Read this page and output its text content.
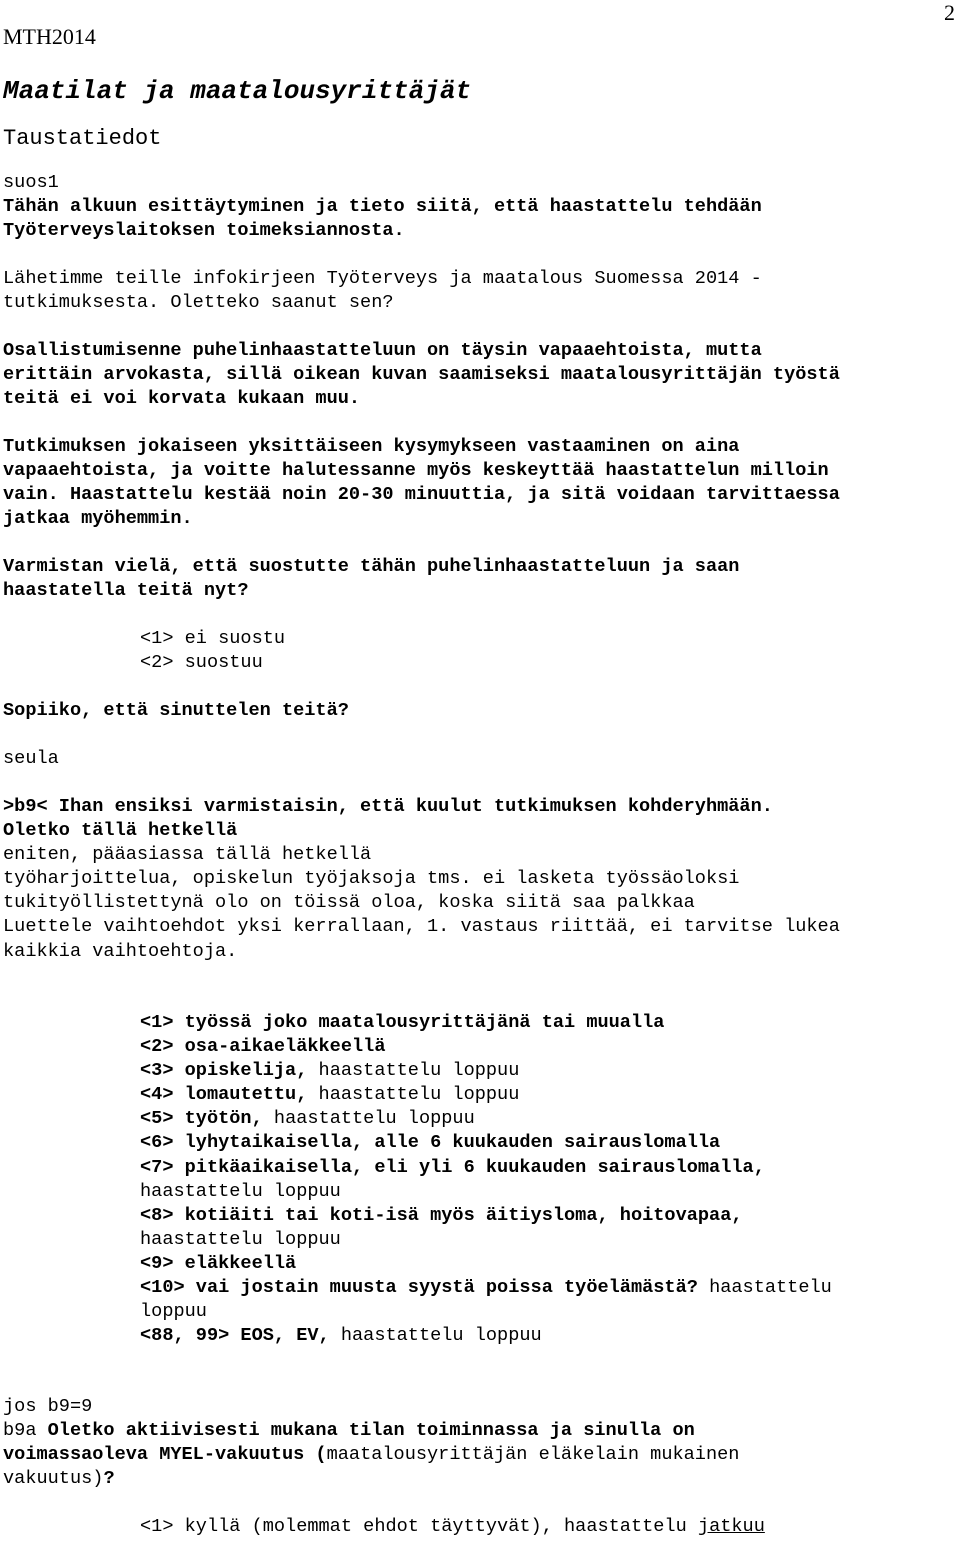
MTH2014
2
Maatilat ja maatalousyrittäjät
Taustatiedot
suos1
Tähän alkuun esittäytyminen ja tieto siitä, että haastattelu tehdään
Työterveyslaitoksen toimeksiannosta.
Lähetimme teille infokirjeen Työterveys ja maatalous Suomessa 2014 -
tutkimuksesta. Oletteko saanut sen?
Osallistumisenne puhelinhaastatteluun on täysin vapaaehtoista, mutta
erittäin arvokasta, sillä oikean kuvan saamiseksi maatalousyrittäjän työstä
teitä ei voi korvata kukaan muu.
Tutkimuksen jokaiseen yksittäiseen kysymykseen vastaaminen on aina
vapaaehtoista, ja voitte halutessanne myös keskeyttää haastattelun milloin
vain. Haastattelu kestää noin 20-30 minuuttia, ja sitä voidaan tarvittaessa
jatkaa myöhemmin.
Varmistan vielä, että suostutte tähän puhelinhaastatteluun ja saan
haastatella teitä nyt?
<1> ei suostu
<2> suostuu
Sopiiko, että sinuttelen teitä?
seula
>b9< Ihan ensiksi varmistaisin, että kuulut tutkimuksen kohderyhmään.
Oletko tällä hetkellä
eniten, pääasiassa tällä hetkellä
työharjoittelua, opiskelun työjaksoja tms. ei lasketa työssäoloksi
tukityöllistettynä olo on töissä oloa, koska siitä saa palkkaa
Luettele vaihtoehdot yksi kerrallaan, 1. vastaus riittää, ei tarvitse lukea
kaikkia vaihtoehtoja.
<1> työssä joko maatalousyrittäjänä tai muualla
<2> osa-aikaeläkkeellä
<3> opiskelija, haastattelu loppuu
<4> lomautettu, haastattelu loppuu
<5> työtön, haastattelu loppuu
<6> lyhytaikaisella, alle 6 kuukauden sairauslomalla
<7> pitkäaikaisella, eli yli 6 kuukauden sairauslomalla,
haastattelu loppuu
<8> kotiäiti tai koti-isä myös äitiysloma, hoitovapaa,
haastattelu loppuu
<9> eläkkeellä
<10> vai jostain muusta syystä poissa työelämästä? haastattelu
loppuu
<88, 99> EOS, EV, haastattelu loppuu
jos b9=9
b9a Oletko aktiivisesti mukana tilan toiminnassa ja sinulla on
voimassaoleva MYEL-vakuutus (maatalousyrittäjän eläkelain mukainen
vakuutus)?
<1> kyllä (molemmat ehdot täyttyvät), haastattelu jatkuu
